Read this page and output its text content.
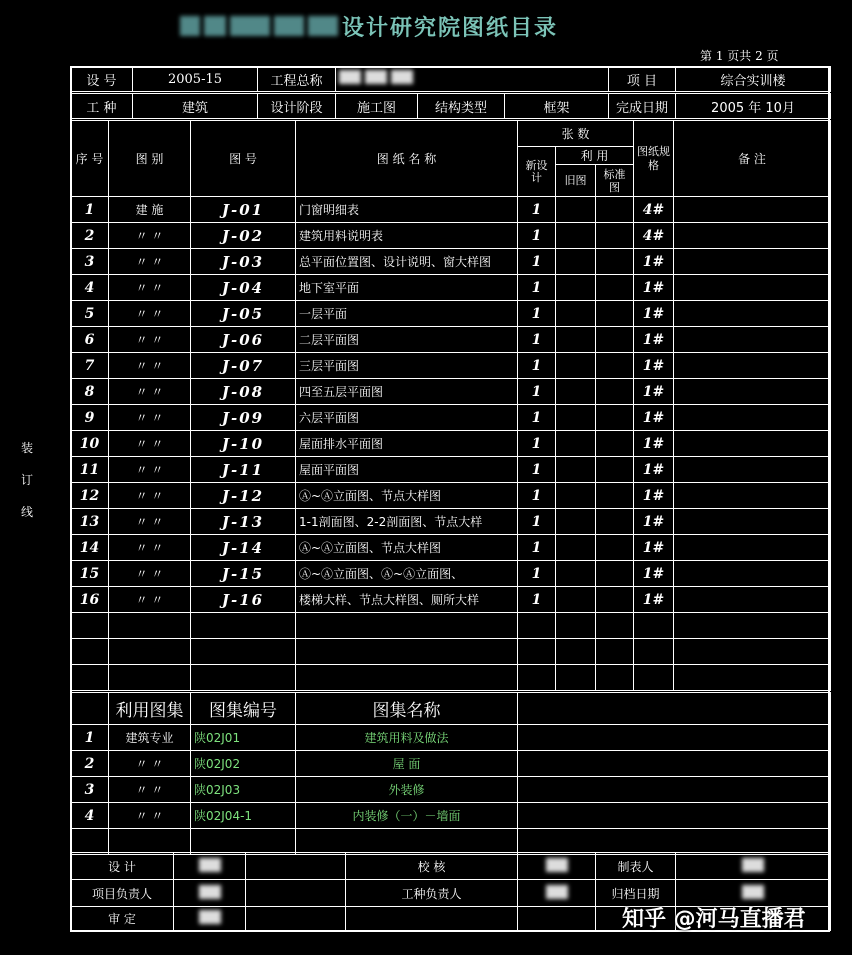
设计研究院图纸目录
第 1 页共 2 页
装
订
线
设 号	2005-15	工程总称		项 目	综合实训楼
工 种	建筑	设计阶段	施工图	结构类型	框架	完成日期	2005 年 10月
序 号	图 别	图 号	图 纸 名 称	张 数			图纸规格	备 注
				新设计	利 用			
					旧图	标准图		
1	建 施	J-01	门窗明细表	1			4#	
2	〃 〃	J-02	建筑用料说明表	1			4#	
3	〃 〃	J-03	总平面位置图、设计说明、窗大样图	1			1#	
4	〃 〃	J-04	地下室平面	1			1#	
5	〃 〃	J-05	一层平面	1			1#	
6	〃 〃	J-06	二层平面图	1			1#	
7	〃 〃	J-07	三层平面图	1			1#	
8	〃 〃	J-08	四至五层平面图	1			1#	
9	〃 〃	J-09	六层平面图	1			1#	
10	〃 〃	J-10	屋面排水平面图	1			1#	
11	〃 〃	J-11	屋面平面图	1			1#	
12	〃 〃	J-12	Ⓐ~Ⓐ立面图、节点大样图	1			1#	
13	〃 〃	J-13	1-1剖面图、2-2剖面图、节点大样	1			1#	
14	〃 〃	J-14	Ⓐ~Ⓐ立面图、节点大样图	1			1#	
15	〃 〃	J-15	Ⓐ~Ⓐ立面图、Ⓐ~Ⓐ立面图、	1			1#	
16	〃 〃	J-16	楼梯大样、节点大样图、厕所大样	1			1#	

	利用图集	图集编号	图集名称	
1	建筑专业	陕02J01	建筑用料及做法	
2	〃 〃	陕02J02	屋 面	
3	〃 〃	陕02J03	外装修	
4	〃 〃	陕02J04-1	内装修（一）－墙面	

设 计			校 核		制表人	
项目负责人			工种负责人		归档日期	
审 定							知乎 @河马直播君
